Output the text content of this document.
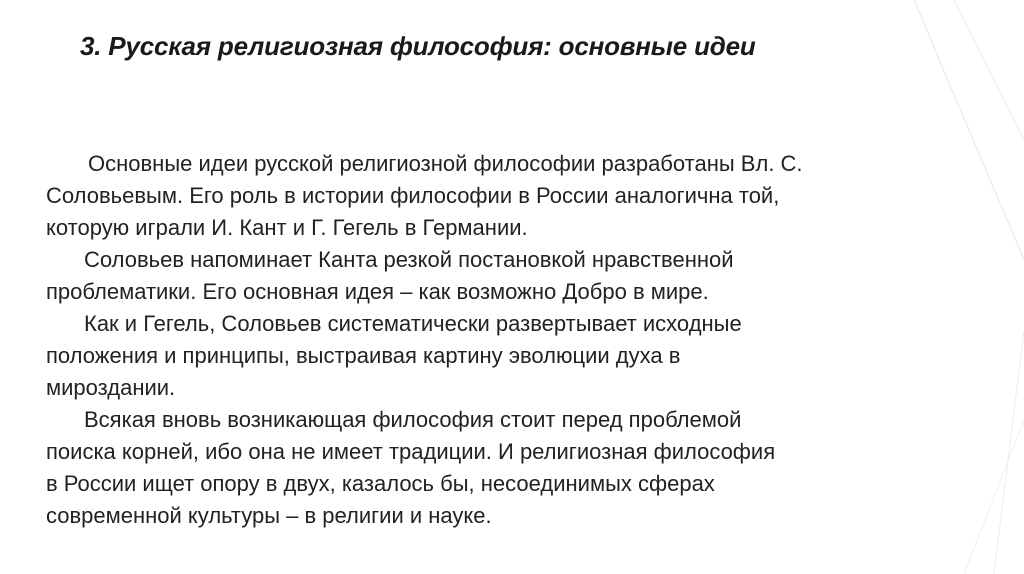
3. Русская религиозная философия: основные идеи

Основные идеи русской религиозной философии разработаны Вл. С.
Соловьевым. Его роль в истории философии в России аналогична той,
которую играли И. Кант и Г. Гегель в Германии.

Соловьев напоминает Канта резкой постановкой нравственной
проблематики. Его основная идея – как возможно Добро в мире.

Как и Гегель, Соловьев систематически развертывает исходные
положения и принципы, выстраивая картину эволюции духа в
мироздании.

Всякая вновь возникающая философия стоит перед проблемой
поиска корней, ибо она не имеет традиции. И религиозная философия
в России ищет опору в двух, казалось бы, несоединимых сферах
современной культуры – в религии и науке.
